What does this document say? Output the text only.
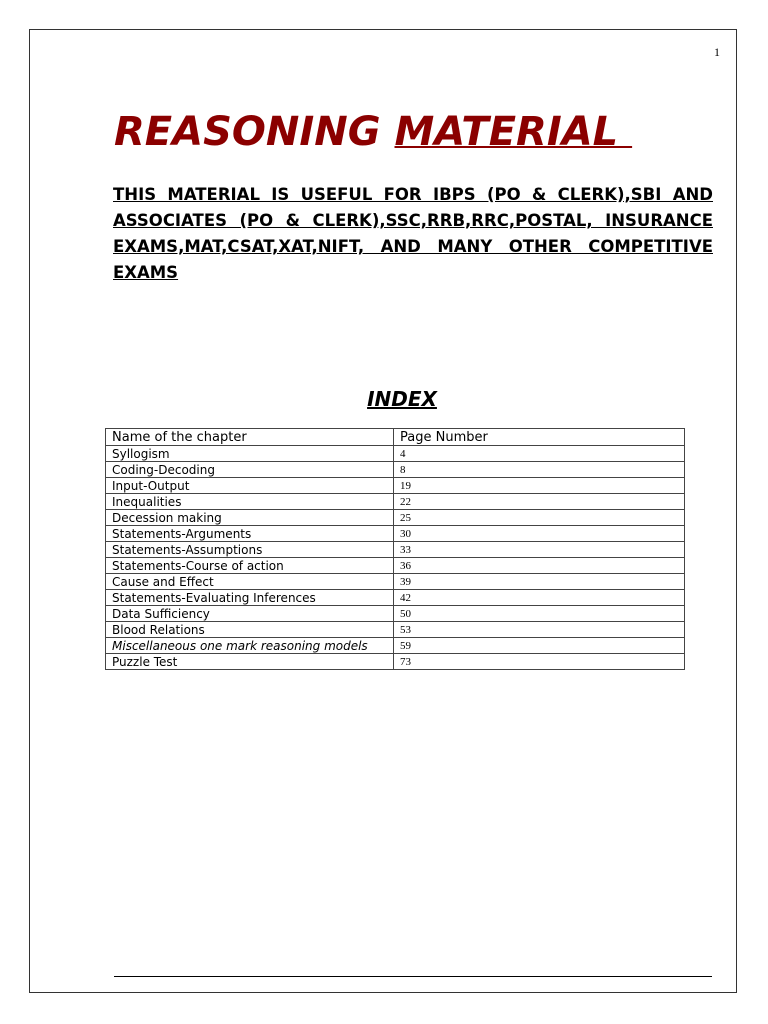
1
REASONING MATERIAL

THIS MATERIAL IS USEFUL FOR IBPS (PO & CLERK),SBI AND ASSOCIATES (PO & CLERK),SSC,RRB,RRC,POSTAL, INSURANCE EXAMS,MAT,CSAT,XAT,NIFT, AND MANY OTHER COMPETITIVE EXAMS

INDEX
Name of the chapter	Page Number
Syllogism	4
Coding-Decoding	8
Input-Output	19
Inequalities	22
Decession making	25
Statements-Arguments	30
Statements-Assumptions	33
Statements-Course of action	36
Cause and Effect	39
Statements-Evaluating Inferences	42
Data Sufficiency	50
Blood Relations	53
Miscellaneous one mark reasoning models	59
Puzzle Test	73
